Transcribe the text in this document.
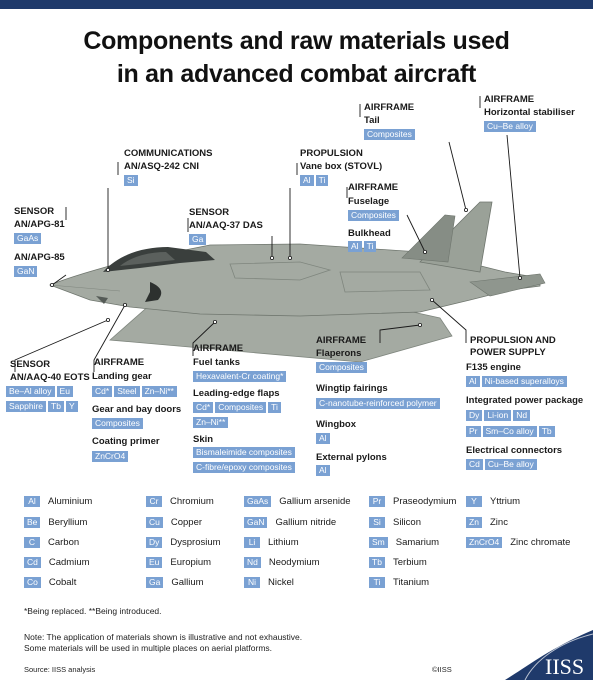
Components and raw materials used
in an advanced combat aircraft
SENSOR
AN/APG-81
GaAs
AN/APG-85
GaN
COMMUNICATIONS
AN/ASQ-242 CNI
Si
SENSOR
AN/AAQ-37 DAS
Ga
PROPULSION
Vane box (STOVL)
Al Ti
AIRFRAME
Tail
Composites
AIRFRAME
Horizontal stabiliser
Cu–Be alloy
AIRFRAME
Fuselage
Composites
Bulkhead
Al Ti
SENSOR
AN/AAQ-40 EOTS
Be–Al alloy Eu
Sapphire Tb Y
AIRFRAME
Landing gear
Cd* Steel Zn–Ni**
Gear and bay doors
Composites
Coating primer
ZnCrO4
AIRFRAME
Fuel tanks
Hexavalent-Cr coating*
Leading-edge flaps
Cd* Composites Ti
Zn–Ni**
Skin
Bismaleimide composites
C-fibre/epoxy composites
AIRFRAME
Flaperons
Composites
Wingtip fairings
C-nanotube-reinforced polymer
Wingbox
Al
External pylons
Al
PROPULSION AND
POWER SUPPLY
F135 engine
Al Ni-based superalloys
Integrated power package
Dy Li-ion Nd
Pr Sm–Co alloy Tb
Electrical connectors
Cd Cu–Be alloy
Al	Aluminium
Be	Beryllium
C	Carbon
Cd	Cadmium
Co	Cobalt
Cr	Chromium
Cu	Copper
Dy	Dysprosium
Eu	Europium
Ga	Gallium
GaAs	Gallium arsenide
GaN	Gallium nitride
Li	Lithium
Nd	Neodymium
Ni	Nickel
Pr	Praseodymium
Si	Silicon
Sm	Samarium
Tb	Terbium
Ti	Titanium
Y	Yttrium
Zn	Zinc
ZnCrO4	Zinc chromate
*Being replaced. **Being introduced.
Note: The application of materials shown is illustrative and not exhaustive.
Some materials will be used in multiple places on aerial platforms.
Source: IISS analysis	©IISS	IISS
